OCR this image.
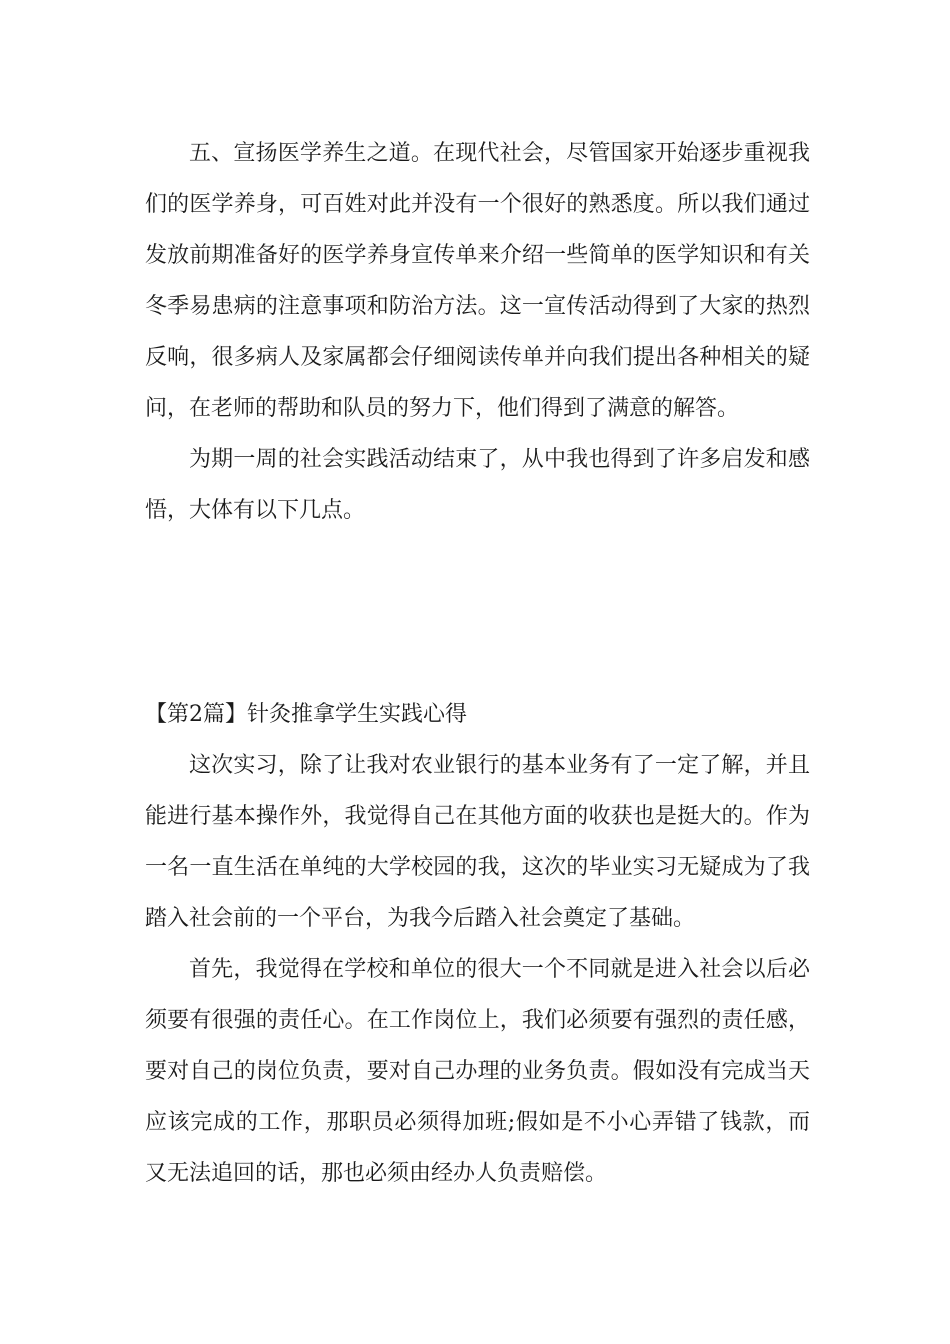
五、宣扬医学养生之道。在现代社会，尽管国家开始逐步重视我们的医学养身，可百姓对此并没有一个很好的熟悉度。所以我们通过发放前期准备好的医学养身宣传单来介绍一些简单的医学知识和有关冬季易患病的注意事项和防治方法。这一宣传活动得到了大家的热烈反响，很多病人及家属都会仔细阅读传单并向我们提出各种相关的疑问，在老师的帮助和队员的努力下，他们得到了满意的解答。

为期一周的社会实践活动结束了，从中我也得到了许多启发和感悟，大体有以下几点。

【第2篇】针灸推拿学生实践心得

这次实习，除了让我对农业银行的基本业务有了一定了解，并且能进行基本操作外，我觉得自己在其他方面的收获也是挺大的。作为一名一直生活在单纯的大学校园的我，这次的毕业实习无疑成为了我踏入社会前的一个平台，为我今后踏入社会奠定了基础。

首先，我觉得在学校和单位的很大一个不同就是进入社会以后必须要有很强的责任心。在工作岗位上，我们必须要有强烈的责任感，要对自己的岗位负责，要对自己办理的业务负责。假如没有完成当天应该完成的工作，那职员必须得加班;假如是不小心弄错了钱款，而又无法追回的话，那也必须由经办人负责赔偿。
